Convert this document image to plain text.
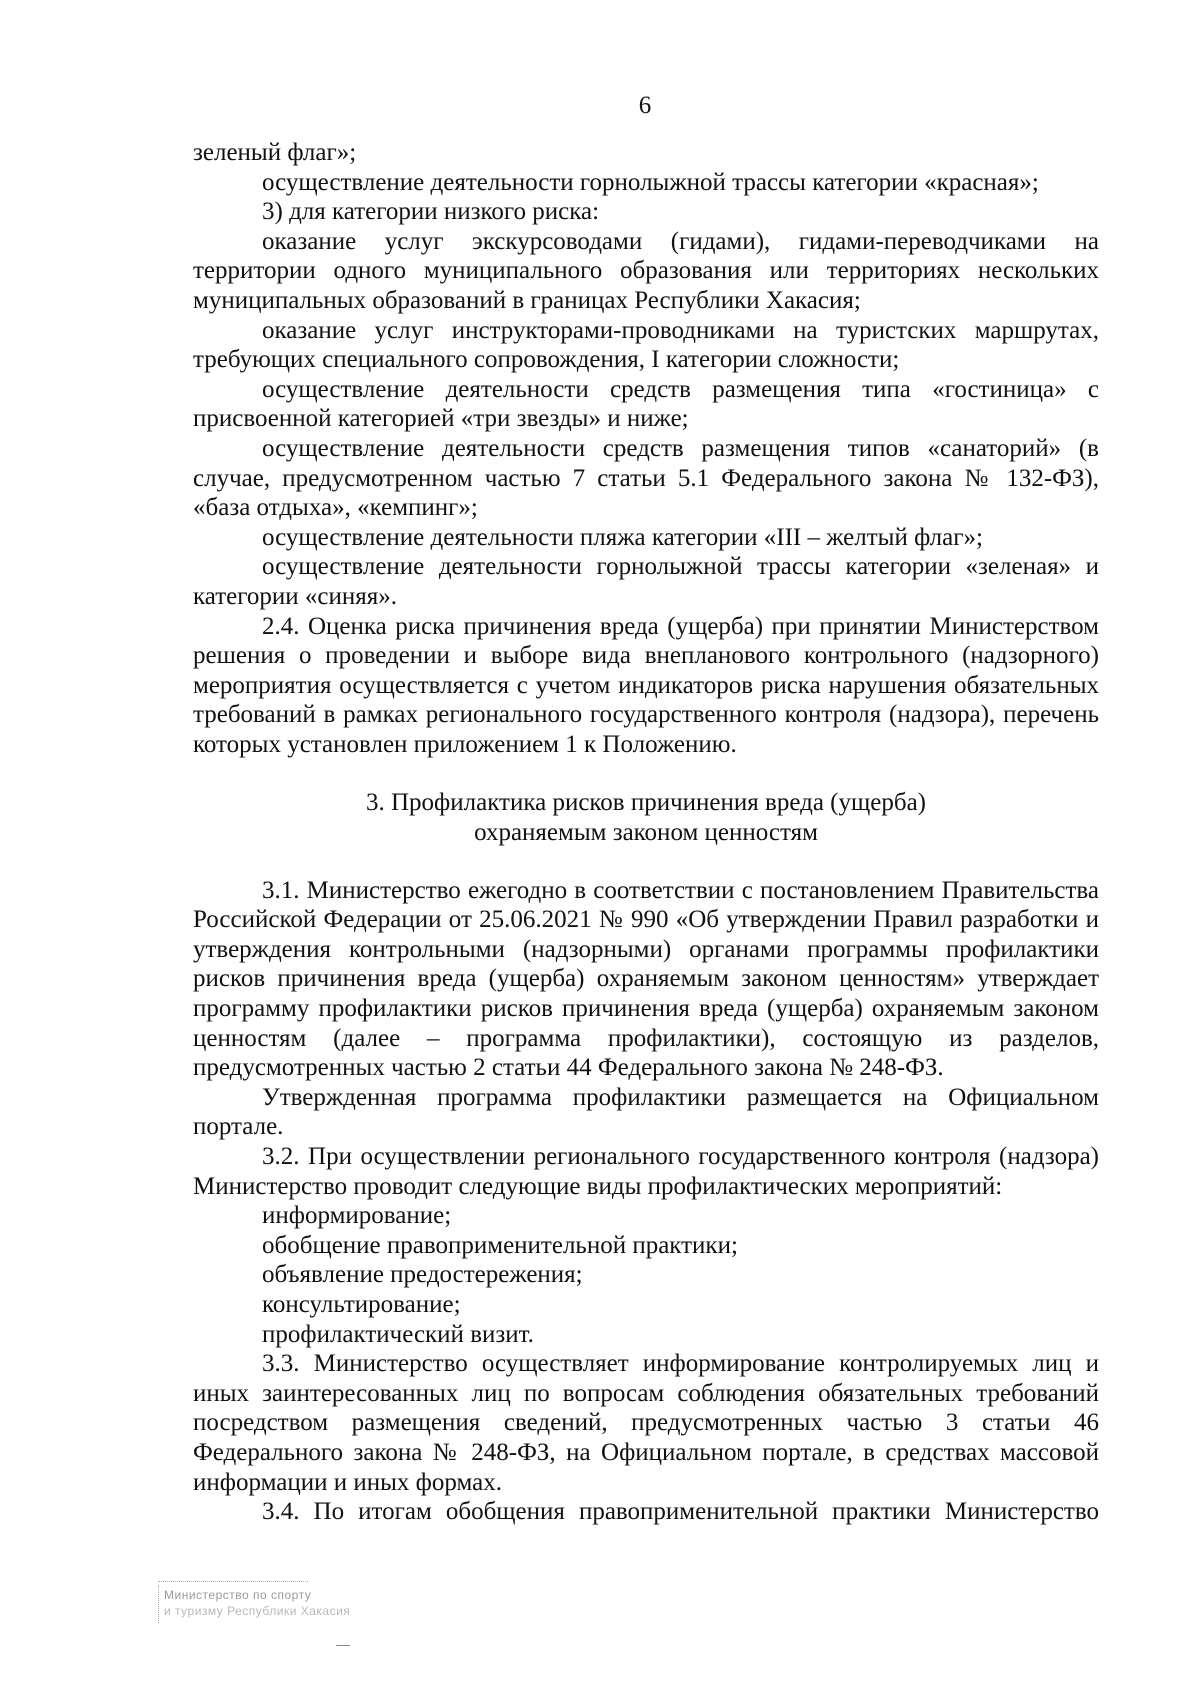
6

зеленый флаг»;

осуществление деятельности горнолыжной трассы категории «красная»;

3) для категории низкого риска:

оказание услуг экскурсоводами (гидами), гидами-переводчиками на территории одного муниципального образования или территориях нескольких муниципальных образований в границах Республики Хакасия;

оказание услуг инструкторами-проводниками на туристских маршрутах, требующих специального сопровождения, I категории сложности;

осуществление деятельности средств размещения типа «гостиница» с присвоенной категорией «три звезды» и ниже;

осуществление деятельности средств размещения типов «санаторий» (в случае, предусмотренном частью 7 статьи 5.1 Федерального закона № 132-ФЗ), «база отдыха», «кемпинг»;

осуществление деятельности пляжа категории «III – желтый флаг»;

осуществление деятельности горнолыжной трассы категории «зеленая» и категории «синяя».

2.4. Оценка риска причинения вреда (ущерба) при принятии Министерством решения о проведении и выборе вида внепланового контрольного (надзорного) мероприятия осуществляется с учетом индикаторов риска нарушения обязательных требований в рамках регионального государственного контроля (надзора), перечень которых установлен приложением 1 к Положению.

3. Профилактика рисков причинения вреда (ущерба)

охраняемым законом ценностям

3.1. Министерство ежегодно в соответствии с постановлением Правительства Российской Федерации от 25.06.2021 № 990 «Об утверждении Правил разработки и утверждения контрольными (надзорными) органами программы профилактики рисков причинения вреда (ущерба) охраняемым законом ценностям» утверждает программу профилактики рисков причинения вреда (ущерба) охраняемым законом ценностям (далее – программа профилактики), состоящую из разделов, предусмотренных частью 2 статьи 44 Федерального закона № 248-ФЗ.

Утвержденная программа профилактики размещается на Официальном портале.

3.2. При осуществлении регионального государственного контроля (надзора) Министерство проводит следующие виды профилактических мероприятий:

информирование;

обобщение правоприменительной практики;

объявление предостережения;

консультирование;

профилактический визит.

3.3. Министерство осуществляет информирование контролируемых лиц и иных заинтересованных лиц по вопросам соблюдения обязательных требований посредством размещения сведений, предусмотренных частью 3 статьи 46 Федерального закона № 248-ФЗ, на Официальном портале, в средствах массовой информации и иных формах.

3.4. По итогам обобщения правоприменительной практики Министерство

Министерство по спорту
и туризму Республики Хакасия
